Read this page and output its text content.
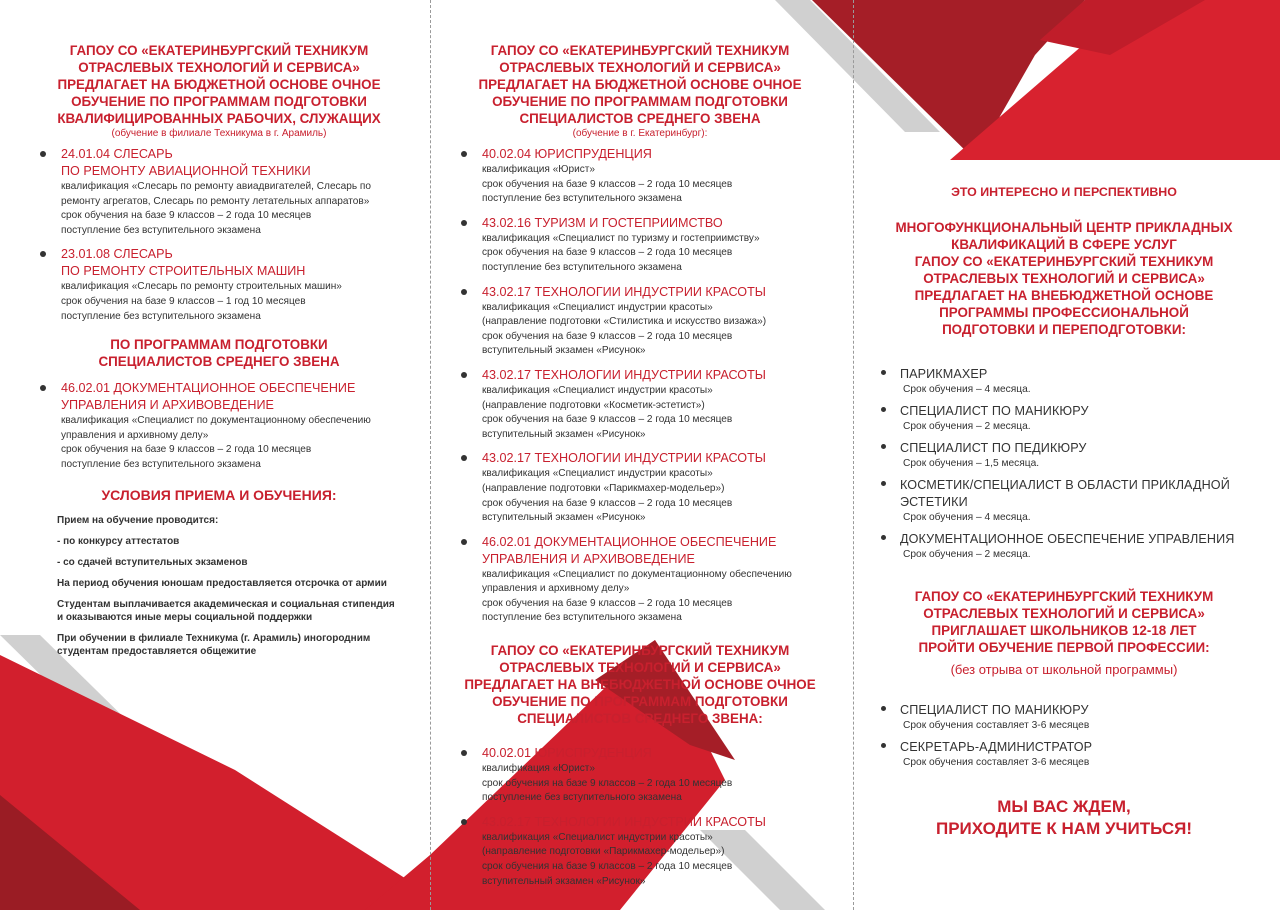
ГАПОУ СО «ЕКАТЕРИНБУРГСКИЙ ТЕХНИКУМ
ОТРАСЛЕВЫХ ТЕХНОЛОГИЙ И СЕРВИСА»
ПРЕДЛАГАЕТ НА БЮДЖЕТНОЙ ОСНОВЕ ОЧНОЕ
ОБУЧЕНИЕ ПО ПРОГРАММАМ ПОДГОТОВКИ
КВАЛИФИЦИРОВАННЫХ РАБОЧИХ, СЛУЖАЩИХ
(обучение в филиале Техникума в г. Арамиль)
24.01.04 СЛЕСАРЬ
ПО РЕМОНТУ АВИАЦИОННОЙ ТЕХНИКИ
квалификация «Слесарь по ремонту авиадвигателей, Слесарь по
ремонту агрегатов, Слесарь по ремонту летательных аппаратов»
срок обучения на базе 9 классов – 2 года 10 месяцев
поступление без вступительного экзамена
23.01.08 СЛЕСАРЬ
ПО РЕМОНТУ СТРОИТЕЛЬНЫХ МАШИН
квалификация «Слесарь по ремонту строительных машин»
срок обучения на базе 9 классов – 1 год 10 месяцев
поступление без вступительного экзамена
ПО ПРОГРАММАМ ПОДГОТОВКИ
СПЕЦИАЛИСТОВ СРЕДНЕГО ЗВЕНА
46.02.01 ДОКУМЕНТАЦИОННОЕ ОБЕСПЕЧЕНИЕ
УПРАВЛЕНИЯ И АРХИВОВЕДЕНИЕ
квалификация «Специалист по документационному обеспечению
управления и архивному делу»
срок обучения на базе 9 классов – 2 года 10 месяцев
поступление без вступительного экзамена
УСЛОВИЯ ПРИЕМА И ОБУЧЕНИЯ:
Прием на обучение проводится:
- по конкурсу аттестатов
- со сдачей вступительных экзаменов
На период обучения юношам предоставляется отсрочка от армии
Студентам выплачивается академическая и социальная стипендия
и оказываются иные меры социальной поддержки
При обучении в филиале Техникума (г. Арамиль) иногородним
студентам предоставляется общежитие
ГАПОУ СО «ЕКАТЕРИНБУРГСКИЙ ТЕХНИКУМ
ОТРАСЛЕВЫХ ТЕХНОЛОГИЙ И СЕРВИСА»
ПРЕДЛАГАЕТ НА БЮДЖЕТНОЙ ОСНОВЕ ОЧНОЕ
ОБУЧЕНИЕ ПО ПРОГРАММАМ ПОДГОТОВКИ
СПЕЦИАЛИСТОВ СРЕДНЕГО ЗВЕНА
(обучение в г. Екатеринбург):
40.02.04 ЮРИСПРУДЕНЦИЯ
квалификация «Юрист»
срок обучения на базе 9 классов – 2 года 10 месяцев
поступление без вступительного экзамена
43.02.16 ТУРИЗМ И ГОСТЕПРИИМСТВО
квалификация «Специалист по туризму и гостеприимству»
срок обучения на базе 9 классов – 2 года 10 месяцев
поступление без вступительного экзамена
43.02.17 ТЕХНОЛОГИИ ИНДУСТРИИ КРАСОТЫ
квалификация «Специалист индустрии красоты»
(направление подготовки «Стилистика и искусство визажа»)
срок обучения на базе 9 классов – 2 года 10 месяцев
вступительный экзамен «Рисунок»
43.02.17 ТЕХНОЛОГИИ ИНДУСТРИИ КРАСОТЫ
квалификация «Специалист индустрии красоты»
(направление подготовки «Косметик-эстетист»)
срок обучения на базе 9 классов – 2 года 10 месяцев
вступительный экзамен «Рисунок»
43.02.17 ТЕХНОЛОГИИ ИНДУСТРИИ КРАСОТЫ
квалификация «Специалист индустрии красоты»
(направление подготовки «Парикмахер-модельер»)
срок обучения на базе 9 классов – 2 года 10 месяцев
вступительный экзамен «Рисунок»
46.02.01 ДОКУМЕНТАЦИОННОЕ ОБЕСПЕЧЕНИЕ
УПРАВЛЕНИЯ И АРХИВОВЕДЕНИЕ
квалификация «Специалист по документационному обеспечению
управления и архивному делу»
срок обучения на базе 9 классов – 2 года 10 месяцев
поступление без вступительного экзамена
ГАПОУ СО «ЕКАТЕРИНБУРГСКИЙ ТЕХНИКУМ
ОТРАСЛЕВЫХ ТЕХНОЛОГИЙ И СЕРВИСА»
ПРЕДЛАГАЕТ НА ВНЕБЮДЖЕТНОЙ ОСНОВЕ ОЧНОЕ
ОБУЧЕНИЕ ПО ПРОГРАММАМ ПОДГОТОВКИ
СПЕЦИАЛИСТОВ СРЕДНЕГО ЗВЕНА:
40.02.01 ЮРИСПРУДЕНЦИЯ
квалификация «Юрист»
срок обучения на базе 9 классов – 2 года 10 месяцев
поступление без вступительного экзамена
43.02.17 ТЕХНОЛОГИИ ИНДУСТРИИ КРАСОТЫ
квалификация «Специалист индустрии красоты»
(направление подготовки «Парикмахер-модельер»)
срок обучения на базе 9 классов – 2 года 10 месяцев
вступительный экзамен «Рисунок»
ЭТО ИНТЕРЕСНО И ПЕРСПЕКТИВНО
МНОГОФУНКЦИОНАЛЬНЫЙ ЦЕНТР ПРИКЛАДНЫХ
КВАЛИФИКАЦИЙ В СФЕРЕ УСЛУГ
ГАПОУ СО «ЕКАТЕРИНБУРГСКИЙ ТЕХНИКУМ
ОТРАСЛЕВЫХ ТЕХНОЛОГИЙ И СЕРВИСА»
ПРЕДЛАГАЕТ НА ВНЕБЮДЖЕТНОЙ ОСНОВЕ
ПРОГРАММЫ ПРОФЕССИОНАЛЬНОЙ
ПОДГОТОВКИ И ПЕРЕПОДГОТОВКИ:
ПАРИКМАХЕР
Срок обучения – 4 месяца.
СПЕЦИАЛИСТ ПО МАНИКЮРУ
Срок обучения – 2 месяца.
СПЕЦИАЛИСТ ПО ПЕДИКЮРУ
Срок обучения – 1,5 месяца.
КОСМЕТИК/СПЕЦИАЛИСТ В ОБЛАСТИ ПРИКЛАДНОЙ
ЭСТЕТИКИ
Срок обучения – 4 месяца.
ДОКУМЕНТАЦИОННОЕ ОБЕСПЕЧЕНИЕ УПРАВЛЕНИЯ
Срок обучения – 2 месяца.
ГАПОУ СО «ЕКАТЕРИНБУРГСКИЙ ТЕХНИКУМ
ОТРАСЛЕВЫХ ТЕХНОЛОГИЙ И СЕРВИСА»
ПРИГЛАШАЕТ ШКОЛЬНИКОВ 12-18 ЛЕТ
ПРОЙТИ ОБУЧЕНИЕ ПЕРВОЙ ПРОФЕССИИ:
(без отрыва от школьной программы)
СПЕЦИАЛИСТ ПО МАНИКЮРУ
Срок обучения составляет 3-6 месяцев
СЕКРЕТАРЬ-АДМИНИСТРАТОР
Срок обучения составляет 3-6 месяцев
МЫ ВАС ЖДЕМ,
ПРИХОДИТЕ К НАМ УЧИТЬСЯ!
